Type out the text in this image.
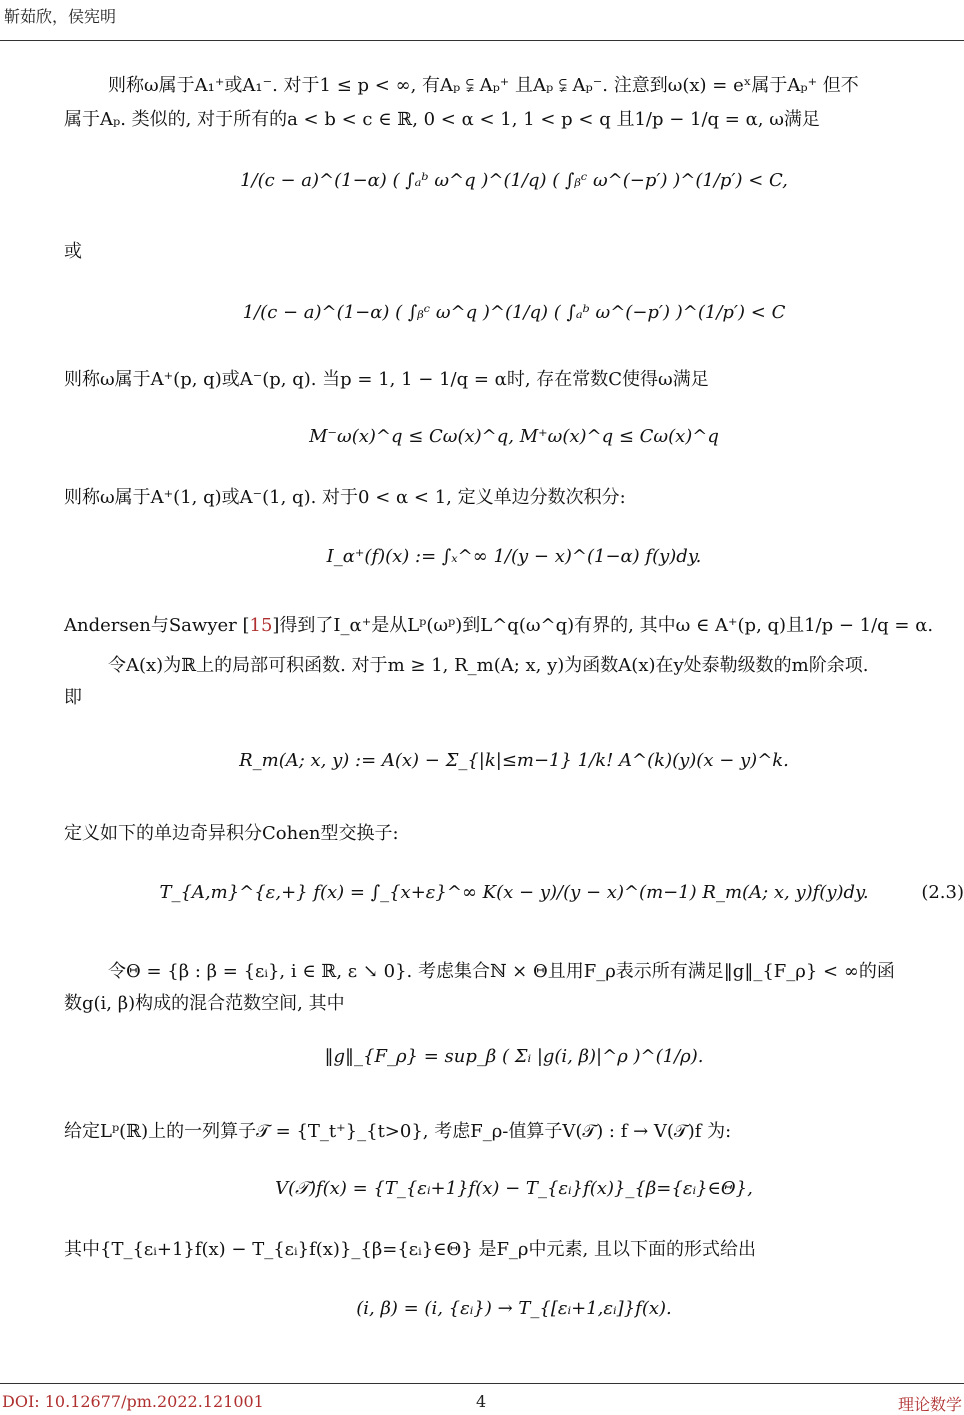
靳茹欣，侯宪明
则称ω属于A₁⁺或A₁⁻. 对于1 ≤ p < ∞, 有Aₚ ⫋ Aₚ⁺ 且Aₚ ⫋ Aₚ⁻. 注意到ω(x) = eˣ属于Aₚ⁺ 但不
属于Aₚ. 类似的, 对于所有的a < b < c ∈ ℝ, 0 < α < 1, 1 < p < q 且1/p − 1/q = α, ω满足
1/(c − a)^(1−α) ( ∫ₐᵇ ω^q )^(1/q) ( ∫ᵦᶜ ω^(−p′) )^(1/p′) < C,
或
1/(c − a)^(1−α) ( ∫ᵦᶜ ω^q )^(1/q) ( ∫ₐᵇ ω^(−p′) )^(1/p′) < C
则称ω属于A⁺(p, q)或A⁻(p, q). 当p = 1, 1 − 1/q = α时, 存在常数C使得ω满足
M⁻ω(x)^q ≤ Cω(x)^q, M⁺ω(x)^q ≤ Cω(x)^q
则称ω属于A⁺(1, q)或A⁻(1, q). 对于0 < α < 1, 定义单边分数次积分:
I_α⁺(f)(x) := ∫ₓ^∞ 1/(y − x)^(1−α) f(y)dy.
Andersen与Sawyer [15]得到了I_α⁺是从Lᵖ(ωᵖ)到L^q(ω^q)有界的, 其中ω ∈ A⁺(p, q)且1/p − 1/q = α.
令A(x)为ℝ上的局部可积函数. 对于m ≥ 1, R_m(A; x, y)为函数A(x)在y处泰勒级数的m阶余项.
即
R_m(A; x, y) := A(x) − Σ_{|k|≤m−1} 1/k! A^(k)(y)(x − y)^k.
定义如下的单边奇异积分Cohen型交换子:
T_{A,m}^{ε,+} f(x) = ∫_{x+ε}^∞ K(x − y)/(y − x)^(m−1) R_m(A; x, y)f(y)dy.	(2.3)
令Θ = {β : β = {εᵢ}, i ∈ ℝ, ε ↘ 0}. 考虑集合ℕ × Θ且用F_ρ表示所有满足‖g‖_{F_ρ} < ∞的函
数g(i, β)构成的混合范数空间, 其中
‖g‖_{F_ρ} = sup_β ( Σᵢ |g(i, β)|^ρ )^(1/ρ).
给定Lᵖ(ℝ)上的一列算子𝒯 = {T_t⁺}_{t>0}, 考虑F_ρ-值算子V(𝒯) : f → V(𝒯)f 为:
V(𝒯)f(x) = {T_{εᵢ+1}f(x) − T_{εᵢ}f(x)}_{β={εᵢ}∈Θ},
其中{T_{εᵢ+1}f(x) − T_{εᵢ}f(x)}_{β={εᵢ}∈Θ} 是F_ρ中元素, 且以下面的形式给出
(i, β) = (i, {εᵢ}) → T_{[εᵢ+1,εᵢ]}f(x).
DOI: 10.12677/pm.2022.121001	4	理论数学
